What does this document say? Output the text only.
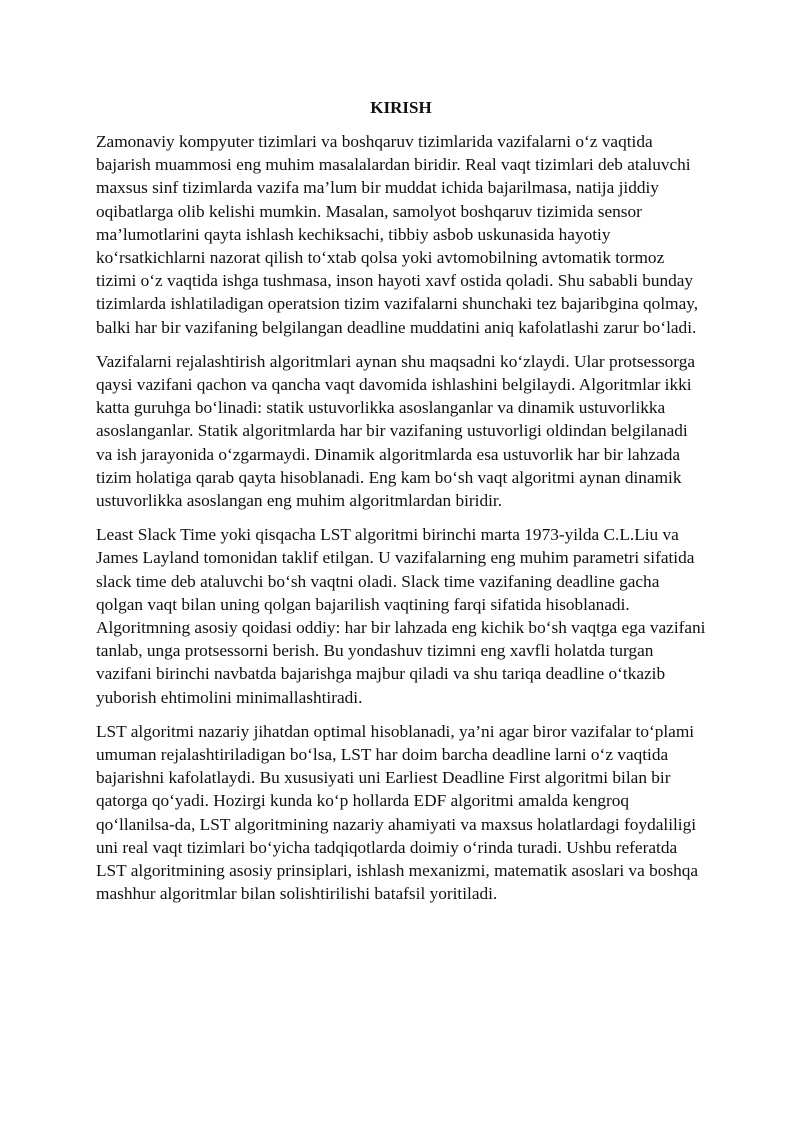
KIRISH

Zamonaviy kompyuter tizimlari va boshqaruv tizimlarida vazifalarni o‘z vaqtida bajarish muammosi eng muhim masalalardan biridir. Real vaqt tizimlari deb ataluvchi maxsus sinf tizimlarda vazifa ma’lum bir muddat ichida bajarilmasa, natija jiddiy oqibatlarga olib kelishi mumkin. Masalan, samolyot boshqaruv tizimida sensor ma’lumotlarini qayta ishlash kechiksachi, tibbiy asbob uskunasida hayotiy ko‘rsatkichlarni nazorat qilish to‘xtab qolsa yoki avtomobilning avtomatik tormoz tizimi o‘z vaqtida ishga tushmasa, inson hayoti xavf ostida qoladi. Shu sababli bunday tizimlarda ishlatiladigan operatsion tizim vazifalarni shunchaki tez bajaribgina qolmay, balki har bir vazifaning belgilangan deadline muddatini aniq kafolatlashi zarur bo‘ladi.

Vazifalarni rejalashtirish algoritmlari aynan shu maqsadni ko‘zlaydi. Ular protsessorga qaysi vazifani qachon va qancha vaqt davomida ishlashini belgilaydi. Algoritmlar ikki katta guruhga bo‘linadi: statik ustuvorlikka asoslanganlar va dinamik ustuvorlikka asoslanganlar. Statik algoritmlarda har bir vazifaning ustuvorligi oldindan belgilanadi va ish jarayonida o‘zgarmaydi. Dinamik algoritmlarda esa ustuvorlik har bir lahzada tizim holatiga qarab qayta hisoblanadi. Eng kam bo‘sh vaqt algoritmi aynan dinamik ustuvorlikka asoslangan eng muhim algoritmlardan biridir.

Least Slack Time yoki qisqacha LST algoritmi birinchi marta 1973-yilda C.L.Liu va James Layland tomonidan taklif etilgan. U vazifalarning eng muhim parametri sifatida slack time deb ataluvchi bo‘sh vaqtni oladi. Slack time vazifaning deadline gacha qolgan vaqt bilan uning qolgan bajarilish vaqtining farqi sifatida hisoblanadi. Algoritmning asosiy qoidasi oddiy: har bir lahzada eng kichik bo‘sh vaqtga ega vazifani tanlab, unga protsessorni berish. Bu yondashuv tizimni eng xavfli holatda turgan vazifani birinchi navbatda bajarishga majbur qiladi va shu tariqa deadline o‘tkazib yuborish ehtimolini minimallashtiradi.

LST algoritmi nazariy jihatdan optimal hisoblanadi, ya’ni agar biror vazifalar to‘plami umuman rejalashtiriladigan bo‘lsa, LST har doim barcha deadline larni o‘z vaqtida bajarishni kafolatlaydi. Bu xususiyati uni Earliest Deadline First algoritmi bilan bir qatorga qo‘yadi. Hozirgi kunda ko‘p hollarda EDF algoritmi amalda kengroq qo‘llanilsa-da, LST algoritmining nazariy ahamiyati va maxsus holatlardagi foydaliligi uni real vaqt tizimlari bo‘yicha tadqiqotlarda doimiy o‘rinda turadi. Ushbu referatda LST algoritmining asosiy prinsiplari, ishlash mexanizmi, matematik asoslari va boshqa mashhur algoritmlar bilan solishtirilishi batafsil yoritiladi.
